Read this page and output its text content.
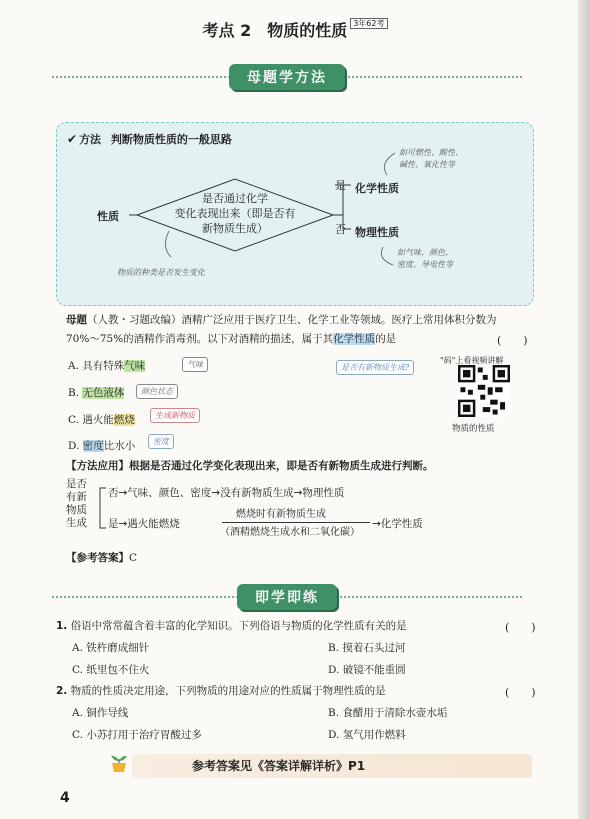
考点 2　物质的性质 $^{3年62考}$
母题学方法
✔ 方法 判断物质性质的一般思路
性质
是否通过化学
变化表现出来（即是否有
新物质生成）
是
否
化学性质
物理性质
如可燃性、酸性、
碱性、氧化性等
如气味、颜色、
密度、导电性等
物质的种类是否发生变化
母题（人教・习题改编）酒精广泛应用于医疗卫生、化学工业等领域。医疗上常用体积分数为
70%～75%的酒精作消毒剂。以下对酒精的描述，属于其化学性质的是	(　　)
是否有新物质生成?
A. 具有特殊气味	气味
B. 无色液体	颜色状态
C. 遇火能燃烧	生成新物质
D. 密度比水小	密度
"码"上看视频讲解
物质的性质
【方法应用】根据是否通过化学变化表现出来，即是否有新物质生成进行判断。
是否
有新
物质
生成
否→气味、颜色、密度→没有新物质生成→物理性质
是→遇火能燃烧
燃烧时有新物质生成
（酒精燃烧生成水和二氧化碳）
→化学性质
【参考答案】C
即学即练
1. 俗语中常常蕴含着丰富的化学知识。下列俗语与物质的化学性质有关的是	(　　)
A. 铁杵磨成细针	B. 摸着石头过河
C. 纸里包不住火	D. 破镜不能重圆
2. 物质的性质决定用途，下列物质的用途对应的性质属于物理性质的是	(　　)
A. 铜作导线	B. 食醋用于清除水壶水垢
C. 小苏打用于治疗胃酸过多	D. 氢气用作燃料
参考答案见《答案详解详析》P1
4
